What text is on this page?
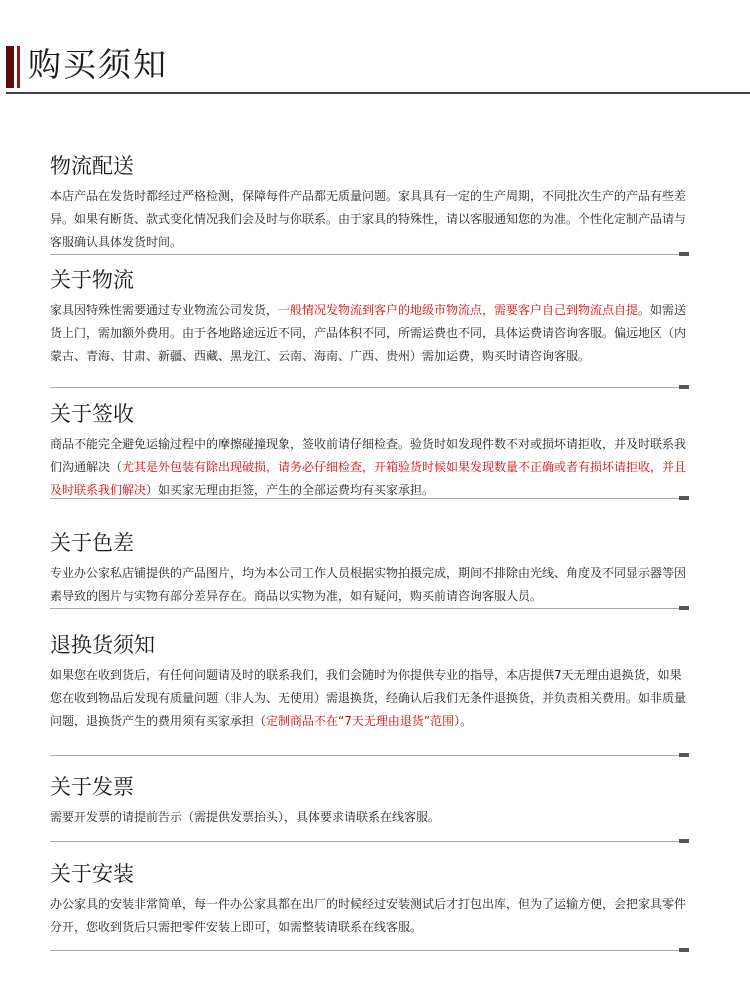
购买须知
物流配送
本店产品在发货时都经过严格检测，保障每件产品都无质量问题。家具具有一定的生产周期，不同批次生产的产品有些差异。如果有断货、款式变化情况我们会及时与你联系。由于家具的特殊性，请以客服通知您的为准。个性化定制产品请与客服确认具体发货时间。
关于物流
家具因特殊性需要通过专业物流公司发货，一般情况发物流到客户的地级市物流点，需要客户自己到物流点自提。如需送货上门，需加额外费用。由于各地路途远近不同，产品体积不同，所需运费也不同，具体运费请咨询客服。偏远地区（内蒙古、青海、甘肃、新疆、西藏、黑龙江、云南、海南、广西、贵州）需加运费，购买时请咨询客服。
关于签收
商品不能完全避免运输过程中的摩擦碰撞现象，签收前请仔细检查。验货时如发现件数不对或损坏请拒收，并及时联系我们沟通解决（尤其是外包装有除出现破损，请务必仔细检查，开箱验货时候如果发现数量不正确或者有损坏请拒收，并且及时联系我们解决）如买家无理由拒签，产生的全部运费均有买家承担。
关于色差
专业办公家私店铺提供的产品图片，均为本公司工作人员根据实物拍摄完成，期间不排除由光线、角度及不同显示器等因素导致的图片与实物有部分差异存在。商品以实物为准，如有疑问，购买前请咨询客服人员。
退换货须知
如果您在收到货后，有任何问题请及时的联系我们，我们会随时为你提供专业的指导，本店提供7天无理由退换货，如果您在收到物品后发现有质量问题（非人为、无使用）需退换货，经确认后我们无条件退换货，并负责相关费用。如非质量问题，退换货产生的费用须有买家承担（定制商品不在“7天无理由退货”范围）。
关于发票
需要开发票的请提前告示（需提供发票抬头），具体要求请联系在线客服。
关于安装
办公家具的安装非常简单，每一件办公家具都在出厂的时候经过安装测试后才打包出库，但为了运输方便，会把家具零件分开，您收到货后只需把零件安装上即可，如需整装请联系在线客服。
